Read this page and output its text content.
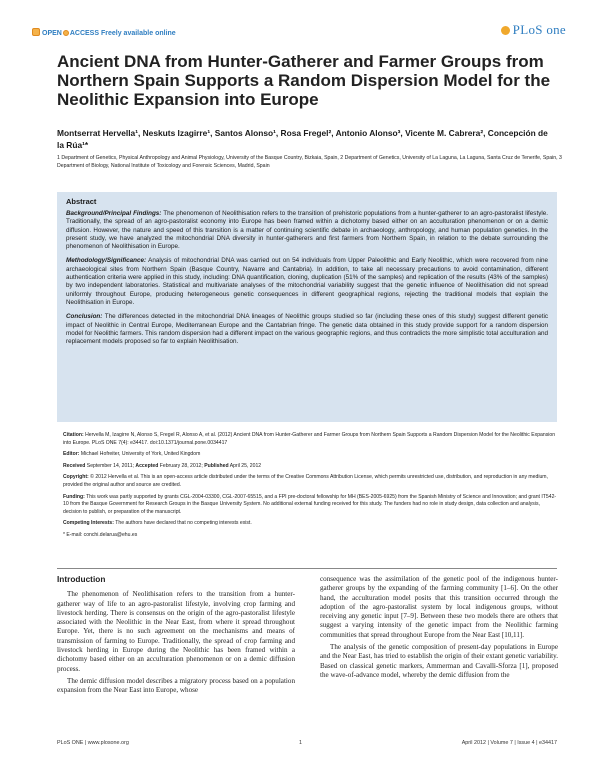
OPEN ACCESS Freely available online	PLoS one
Ancient DNA from Hunter-Gatherer and Farmer Groups from Northern Spain Supports a Random Dispersion Model for the Neolithic Expansion into Europe
Montserrat Hervella¹, Neskuts Izagirre¹, Santos Alonso¹, Rosa Fregel², Antonio Alonso³, Vicente M. Cabrera², Concepción de la Rúa¹*
1 Department of Genetics, Physical Anthropology and Animal Physiology, University of the Basque Country, Bizkaia, Spain, 2 Department of Genetics, University of La Laguna, La Laguna, Santa Cruz de Tenerife, Spain, 3 Department of Biology, National Institute of Toxicology and Forensic Sciences, Madrid, Spain
Abstract

Background/Principal Findings: The phenomenon of Neolithisation refers to the transition of prehistoric populations from a hunter-gatherer to an agro-pastoralist lifestyle. Traditionally, the spread of an agro-pastoralist economy into Europe has been framed within a dichotomy based either on an acculturation phenomenon or on a demic diffusion. However, the nature and speed of this transition is a matter of continuing scientific debate in archaeology, anthropology, and human population genetics. In the present study, we have analyzed the mitochondrial DNA diversity in hunter-gatherers and first farmers from Northern Spain, in relation to the debate surrounding the phenomenon of Neolithisation in Europe.

Methodology/Significance: Analysis of mitochondrial DNA was carried out on 54 individuals from Upper Paleolithic and Early Neolithic, which were recovered from nine archaeological sites from Northern Spain (Basque Country, Navarre and Cantabria). In addition, to take all necessary precautions to avoid contamination, different authentication criteria were applied in this study, including: DNA quantification, cloning, duplication (51% of the samples) and replication of the results (43% of the samples) by two independent laboratories. Statistical and multivariate analyses of the mitochondrial variability suggest that the genetic influence of Neolithisation did not spread uniformly throughout Europe, producing heterogeneous genetic consequences in different geographical regions, rejecting the traditional models that explain the Neolithisation in Europe.

Conclusion: The differences detected in the mitochondrial DNA lineages of Neolithic groups studied so far (including these ones of this study) suggest different genetic impact of Neolithic in Central Europe, Mediterranean Europe and the Cantabrian fringe. The genetic data obtained in this study provide support for a random dispersion model for Neolithic farmers. This random dispersion had a different impact on the various geographic regions, and thus contradicts the more simplistic total acculturation and replacement models proposed so far to explain Neolithisation.

Citation: Hervella M, Izagirre N, Alonso S, Fregel R, Alonso A, et al. (2012) Ancient DNA from Hunter-Gatherer and Farmer Groups from Northern Spain Supports a Random Dispersion Model for the Neolithic Expansion into Europe. PLoS ONE 7(4): e34417. doi:10.1371/journal.pone.0034417

Editor: Michael Hofreiter, University of York, United Kingdom

Received September 14, 2011; Accepted February 28, 2012; Published April 25, 2012

Copyright: © 2012 Hervella et al. This is an open-access article distributed under the terms of the Creative Commons Attribution License, which permits unrestricted use, distribution, and reproduction in any medium, provided the original author and source are credited.

Funding: This work was partly supported by grants CGL-2004-03300, CGL-2007-65515, and a FPI pre-doctoral fellowship for MH (BES-2005-6925) from the Spanish Ministry of Science and Innovation; and grant IT542-10 from the Basque Government for Research Groups in the Basque University System. No additional external funding received for this study. The funders had no role in study design, data collection and analysis, decision to publish, or preparation of the manuscript.

Competing Interests: The authors have declared that no competing interests exist.

* E-mail: conchi.delarua@ehu.es

Introduction

The phenomenon of Neolithisation refers to the transition from a hunter-gatherer way of life to an agro-pastoralist lifestyle, involving crop farming and livestock herding. There is consensus on the origin of the agro-pastoralist lifestyle associated with the Neolithic in the Near East, from where it spread throughout Europe. Yet, there is no such agreement on the mechanisms and means of transmission of farming to Europe. Traditionally, the spread of crop farming and livestock herding in Europe during the Neolithic has been framed within a dichotomy based either on an acculturation phenomenon or on a demic diffusion process.

The demic diffusion model describes a migratory process based on a population expansion from the Near East into Europe, whose

consequence was the assimilation of the genetic pool of the indigenous hunter-gatherer groups by the expanding of the farming community [1–6]. On the other hand, the acculturation model posits that this transition occurred through the adoption of the agro-pastoralist system by local indigenous groups, without receiving any genetic input [7–9]. Between these two models there are others that suggest a varying intensity of the genetic impact from the Neolithic farming communities that spread throughout Europe from the Near East [10,11].

The analysis of the genetic composition of present-day populations in Europe and the Near East, has tried to establish the origin of their extant genetic variability. Based on classical genetic markers, Ammerman and Cavalli-Sforza [1], proposed the wave-of-advance model, whereby the demic diffusion from the

PLoS ONE | www.plosone.org	1	April 2012 | Volume 7 | Issue 4 | e34417
